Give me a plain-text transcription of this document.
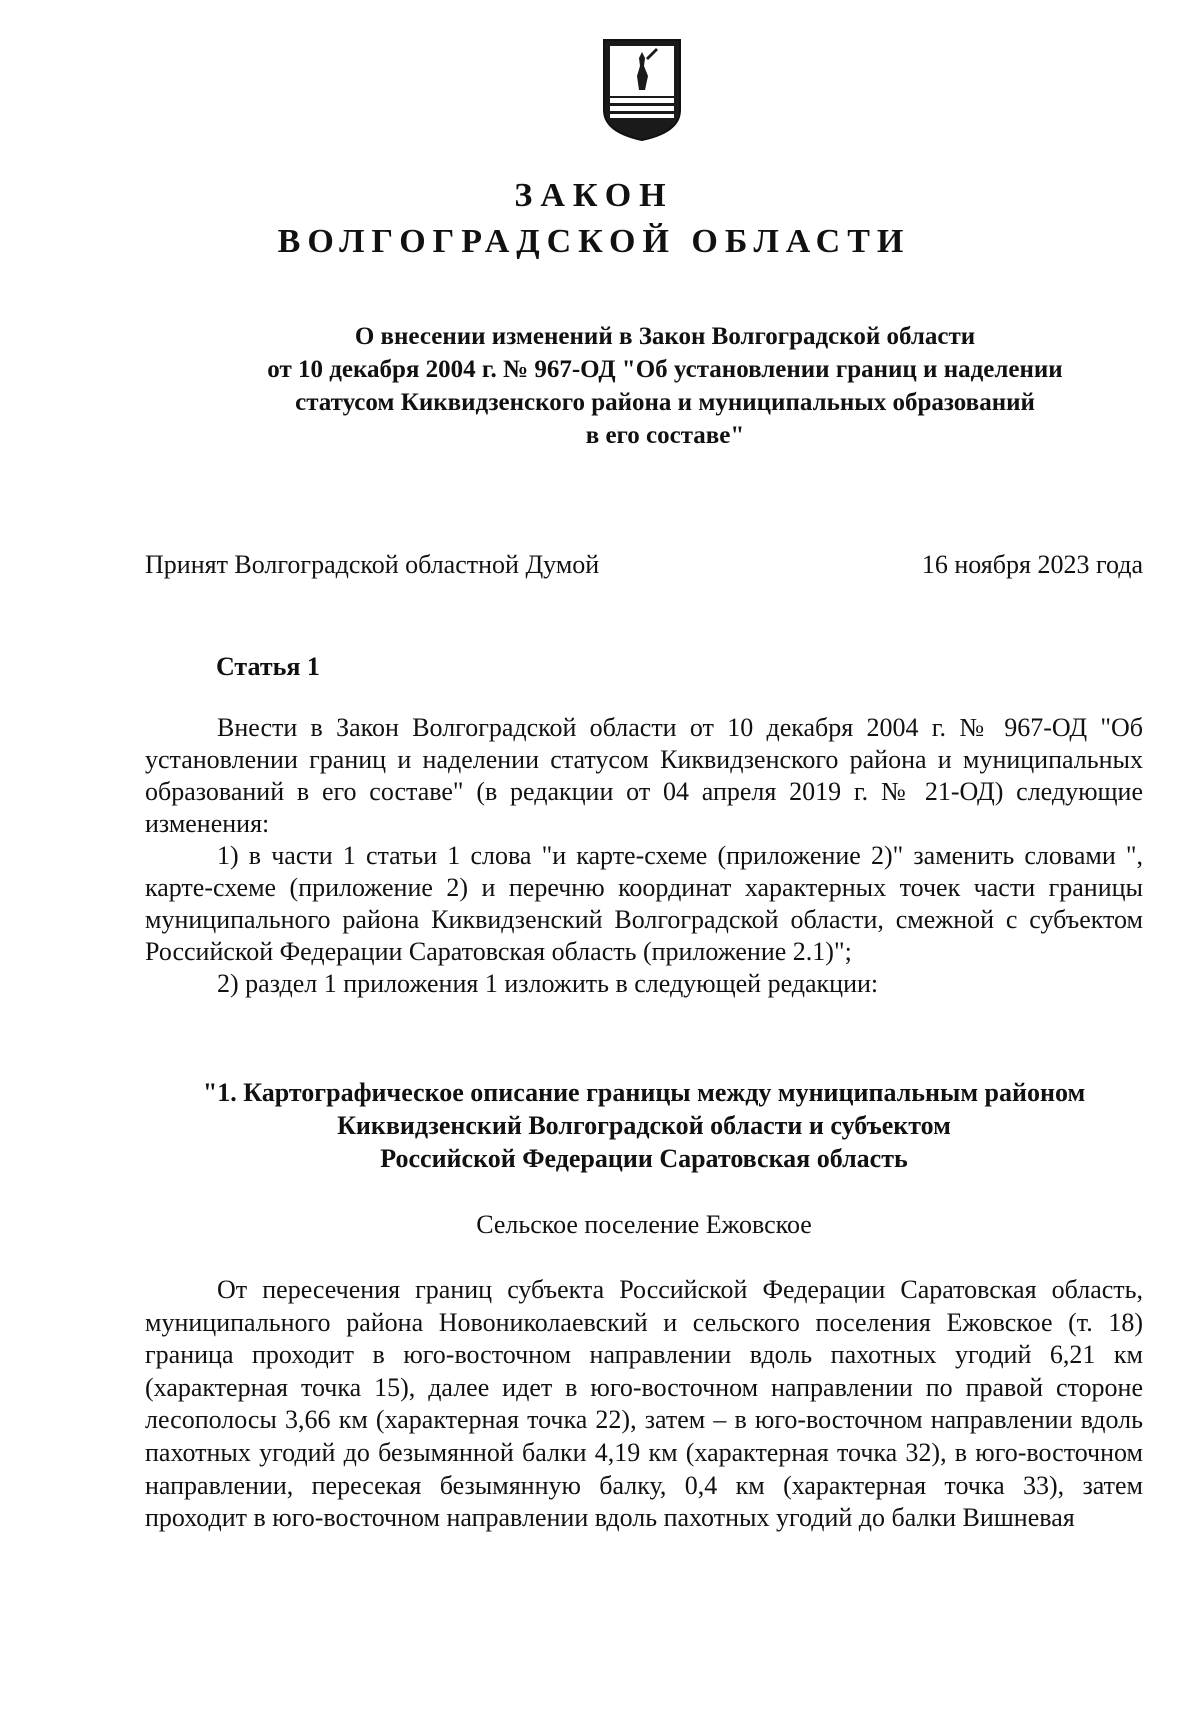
ЗАКОН
ВОЛГОГРАДСКОЙ ОБЛАСТИ
О внесении изменений в Закон Волгоградской области
от 10 декабря 2004 г. № 967-ОД "Об установлении границ и наделении
статусом Киквидзенского района и муниципальных образований
в его составе"
Принят Волгоградской областной Думой	16 ноября 2023 года
Статья 1

Внести в Закон Волгоградской области от 10 декабря 2004 г. № 967-ОД "Об установлении границ и наделении статусом Киквидзенского района и муниципальных образований в его составе" (в редакции от 04 апреля 2019 г. № 21-ОД) следующие изменения:

1) в части 1 статьи 1 слова "и карте-схеме (приложение 2)" заменить словами ", карте-схеме (приложение 2) и перечню координат характерных точек части границы муниципального района Киквидзенский Волгоградской области, смежной с субъектом Российской Федерации Саратовская область (приложение 2.1)";

2) раздел 1 приложения 1 изложить в следующей редакции:

"1. Картографическое описание границы между муниципальным районом
Киквидзенский Волгоградской области и субъектом
Российской Федерации Саратовская область
Сельское поселение Ежовское

От пересечения границ субъекта Российской Федерации Саратовская область, муниципального района Новониколаевский и сельского поселения Ежовское (т. 18) граница проходит в юго-восточном направлении вдоль пахотных угодий 6,21 км (характерная точка 15), далее идет в юго-восточном направлении по правой стороне лесополосы 3,66 км (характерная точка 22), затем – в юго-восточном направлении вдоль пахотных угодий до безымянной балки 4,19 км (характерная точка 32), в юго-восточном направлении, пересекая безымянную балку, 0,4 км (характерная точка 33), затем проходит в юго-восточном направлении вдоль пахотных угодий до балки Вишневая
